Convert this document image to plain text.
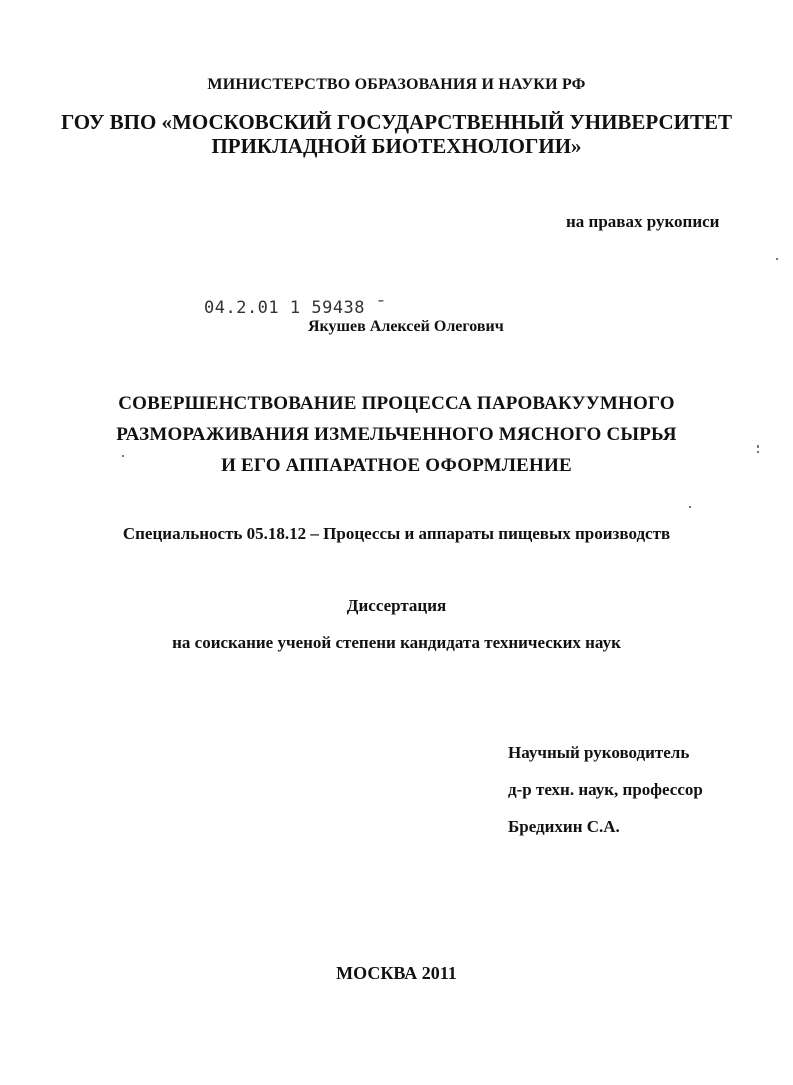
МИНИСТЕРСТВО ОБРАЗОВАНИЯ И НАУКИ РФ
ГОУ ВПО «МОСКОВСКИЙ ГОСУДАРСТВЕННЫЙ УНИВЕРСИТЕТ
ПРИКЛАДНОЙ БИОТЕХНОЛОГИИ»
на правах рукописи
04.2.01 1 59438 ˉ
Якушев Алексей Олегович
СОВЕРШЕНСТВОВАНИЕ ПРОЦЕССА ПАРОВАКУУМНОГО
РАЗМОРАЖИВАНИЯ ИЗМЕЛЬЧЕННОГО МЯСНОГО СЫРЬЯ
И ЕГО АППАРАТНОЕ ОФОРМЛЕНИЕ
Специальность 05.18.12 – Процессы и аппараты пищевых производств
Диссертация
на соискание ученой степени кандидата технических наук
Научный руководитель
д-р техн. наук, профессор
Бредихин С.А.
МОСКВА 2011
